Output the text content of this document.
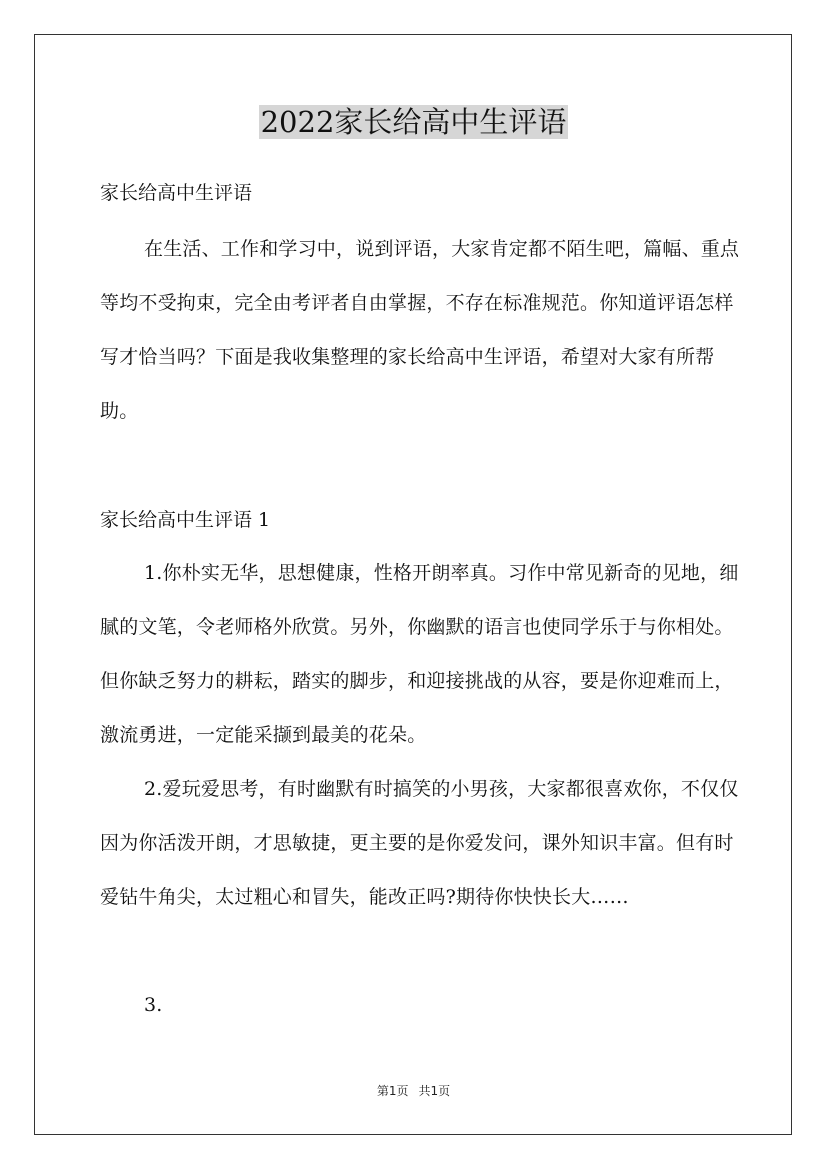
2022家长给高中生评语
家长给高中生评语
在生活、工作和学习中，说到评语，大家肯定都不陌生吧，篇幅、重点等均不受拘束，完全由考评者自由掌握，不存在标准规范。你知道评语怎样写才恰当吗？下面是我收集整理的家长给高中生评语，希望对大家有所帮助。
家长给高中生评语 1
1.你朴实无华，思想健康，性格开朗率真。习作中常见新奇的见地，细腻的文笔，令老师格外欣赏。另外，你幽默的语言也使同学乐于与你相处。但你缺乏努力的耕耘，踏实的脚步，和迎接挑战的从容，要是你迎难而上，激流勇进，一定能采撷到最美的花朵。
2.爱玩爱思考，有时幽默有时搞笑的小男孩，大家都很喜欢你，不仅仅因为你活泼开朗，才思敏捷，更主要的是你爱发问，课外知识丰富。但有时爱钻牛角尖，太过粗心和冒失，能改正吗?期待你快快长大……
3.
第1页 共1页
